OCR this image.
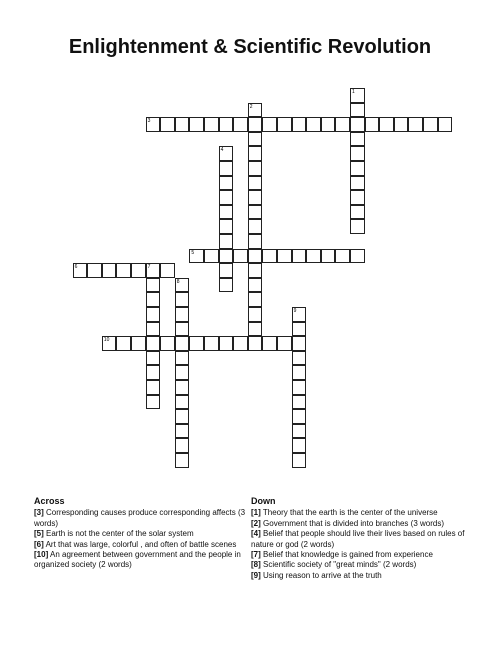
Enlightenment & Scientific Revolution
1
2
3
4
5
6	7
8
9
10
Across
[3] Corresponding causes produce corresponding affects (3 words)
[5] Earth is not the center of the solar system
[6] Art that was large, colorful , and often of battle scenes
[10] An agreement between government and the people in organized society (2 words)
Down
[1] Theory that the earth is the center of the universe
[2] Government that is divided into branches (3 words)
[4] Belief that people should live their lives based on rules of nature or god (2 words)
[7] Belief that knowledge is gained from experience
[8] Scientific society of "great minds" (2 words)
[9] Using reason to arrive at the truth
